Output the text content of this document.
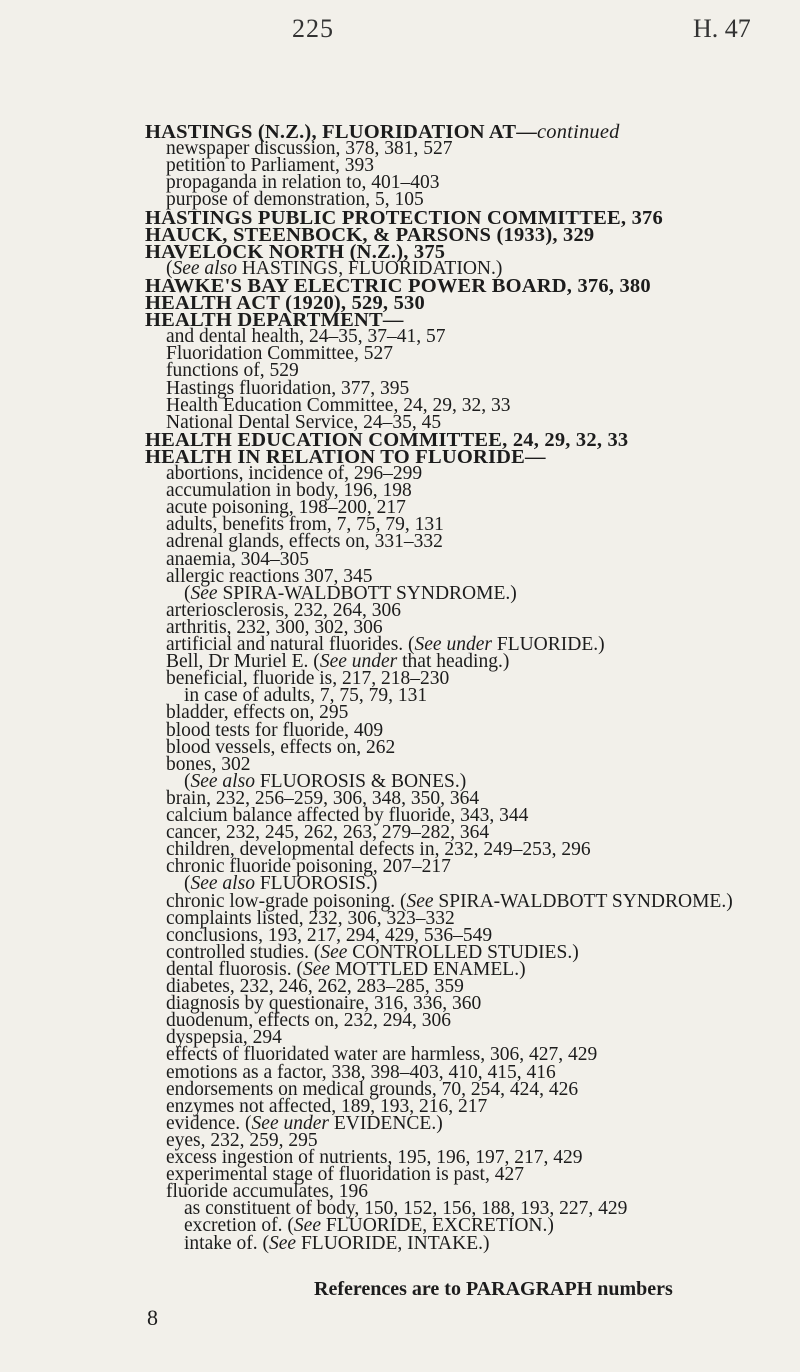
225	H. 47
HASTINGS (N.Z.), FLUORIDATION AT—continued
newspaper discussion, 378, 381, 527
petition to Parliament, 393
propaganda in relation to, 401–403
purpose of demonstration, 5, 105
HASTINGS PUBLIC PROTECTION COMMITTEE, 376
HAUCK, STEENBOCK, & PARSONS (1933), 329
HAVELOCK NORTH (N.Z.), 375
(See also HASTINGS, FLUORIDATION.)
HAWKE'S BAY ELECTRIC POWER BOARD, 376, 380
HEALTH ACT (1920), 529, 530
HEALTH DEPARTMENT—
and dental health, 24–35, 37–41, 57
Fluoridation Committee, 527
functions of, 529
Hastings fluoridation, 377, 395
Health Education Committee, 24, 29, 32, 33
National Dental Service, 24–35, 45
HEALTH EDUCATION COMMITTEE, 24, 29, 32, 33
HEALTH IN RELATION TO FLUORIDE—
abortions, incidence of, 296–299
accumulation in body, 196, 198
acute poisoning, 198–200, 217
adults, benefits from, 7, 75, 79, 131
adrenal glands, effects on, 331–332
anaemia, 304–305
allergic reactions 307, 345
(See SPIRA-WALDBOTT SYNDROME.)
arteriosclerosis, 232, 264, 306
arthritis, 232, 300, 302, 306
artificial and natural fluorides. (See under FLUORIDE.)
Bell, Dr Muriel E. (See under that heading.)
beneficial, fluoride is, 217, 218–230
in case of adults, 7, 75, 79, 131
bladder, effects on, 295
blood tests for fluoride, 409
blood vessels, effects on, 262
bones, 302
(See also FLUOROSIS & BONES.)
brain, 232, 256–259, 306, 348, 350, 364
calcium balance affected by fluoride, 343, 344
cancer, 232, 245, 262, 263, 279–282, 364
children, developmental defects in, 232, 249–253, 296
chronic fluoride poisoning, 207–217
(See also FLUOROSIS.)
chronic low-grade poisoning. (See SPIRA-WALDBOTT SYNDROME.)
complaints listed, 232, 306, 323–332
conclusions, 193, 217, 294, 429, 536–549
controlled studies. (See CONTROLLED STUDIES.)
dental fluorosis. (See MOTTLED ENAMEL.)
diabetes, 232, 246, 262, 283–285, 359
diagnosis by questionaire, 316, 336, 360
duodenum, effects on, 232, 294, 306
dyspepsia, 294
effects of fluoridated water are harmless, 306, 427, 429
emotions as a factor, 338, 398–403, 410, 415, 416
endorsements on medical grounds, 70, 254, 424, 426
enzymes not affected, 189, 193, 216, 217
evidence. (See under EVIDENCE.)
eyes, 232, 259, 295
excess ingestion of nutrients, 195, 196, 197, 217, 429
experimental stage of fluoridation is past, 427
fluoride accumulates, 196
as constituent of body, 150, 152, 156, 188, 193, 227, 429
excretion of. (See FLUORIDE, EXCRETION.)
intake of. (See FLUORIDE, INTAKE.)
References are to PARAGRAPH numbers
8
